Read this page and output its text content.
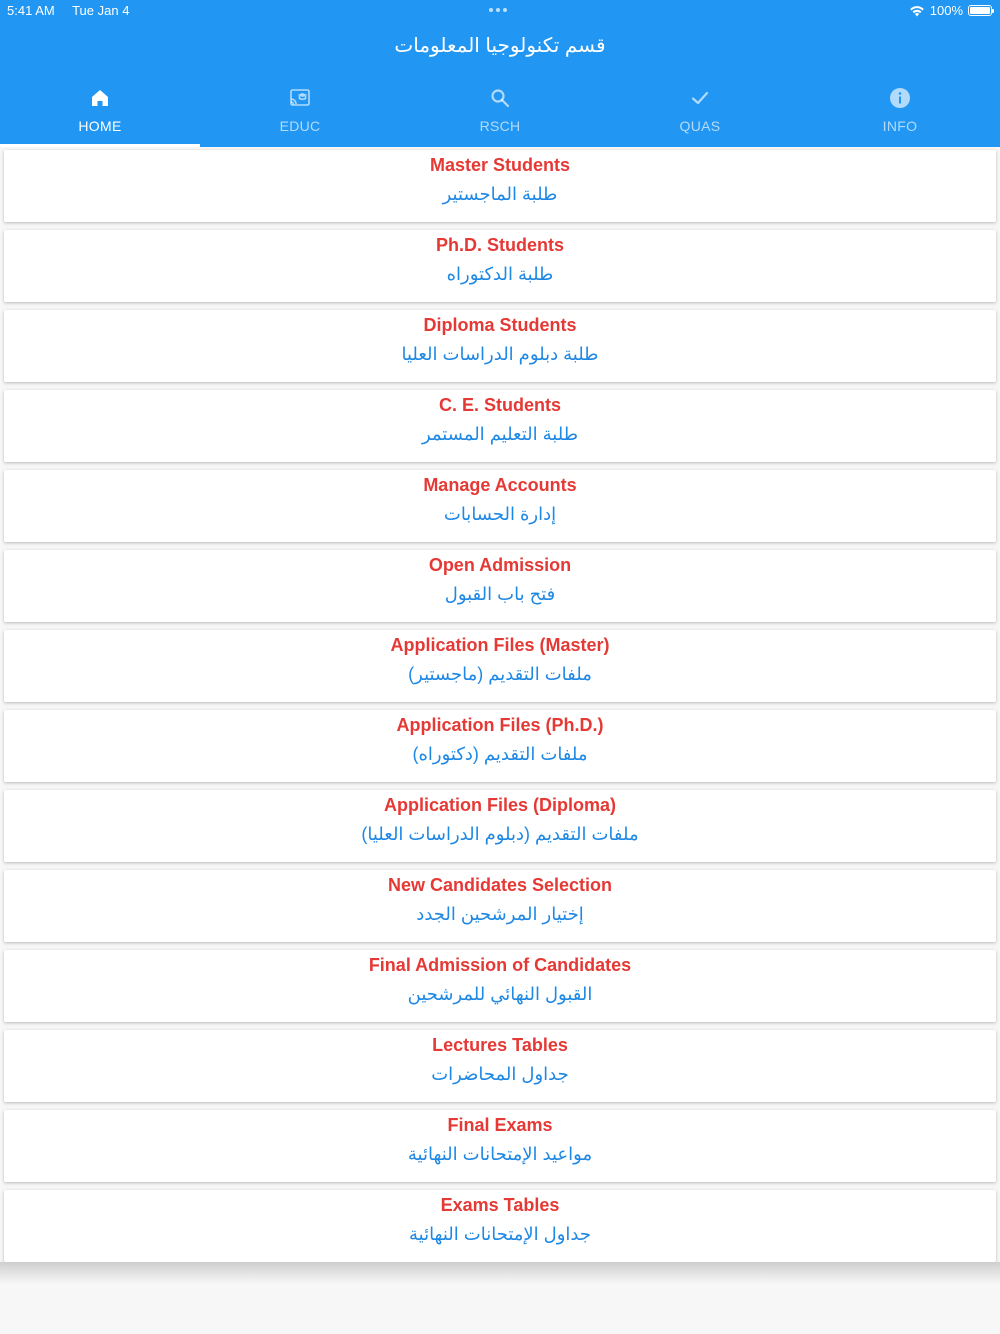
5:41 AM Tue Jan 4	100%
قسم تكنولوجيا المعلومات
HOME	EDUC	RSCH	QUAS	INFO
Master Students
طلبة الماجستير
Ph.D. Students
طلبة الدكتوراه
Diploma Students
طلبة دبلوم الدراسات العليا
C. E. Students
طلبة التعليم المستمر
Manage Accounts
إدارة الحسابات
Open Admission
فتح باب القبول
Application Files (Master)
ملفات التقديم (ماجستير)
Application Files (Ph.D.)
ملفات التقديم (دكتوراه)
Application Files (Diploma)
ملفات التقديم (دبلوم الدراسات العليا)
New Candidates Selection
إختيار المرشحين الجدد
Final Admission of Candidates
القبول النهائي للمرشحين
Lectures Tables
جداول المحاضرات
Final Exams
مواعيد الإمتحانات النهائية
Exams Tables
جداول الإمتحانات النهائية
